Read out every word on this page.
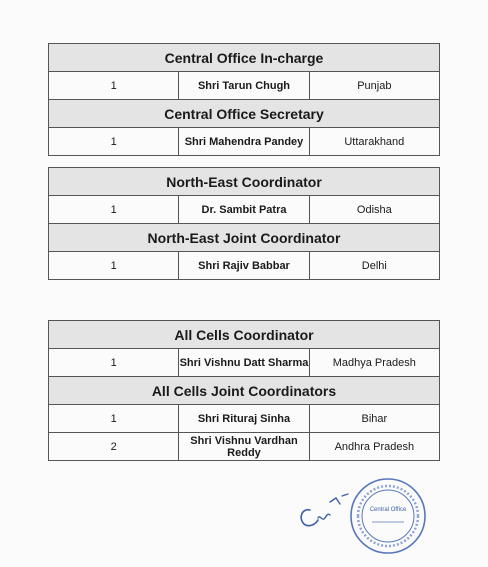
Central Office In-charge		
1	Shri Tarun Chugh	Punjab
Central Office Secretary		
1	Shri Mahendra Pandey	Uttarakhand
North-East Coordinator		
1	Dr. Sambit Patra	Odisha
North-East Joint Coordinator		
1	Shri Rajiv Babbar	Delhi
All Cells Coordinator		
1	Shri Vishnu Datt Sharma	Madhya Pradesh
All Cells Joint Coordinators		
1	Shri Rituraj Sinha	Bihar
2	Shri Vishnu Vardhan Reddy	Andhra Pradesh
Central Office
